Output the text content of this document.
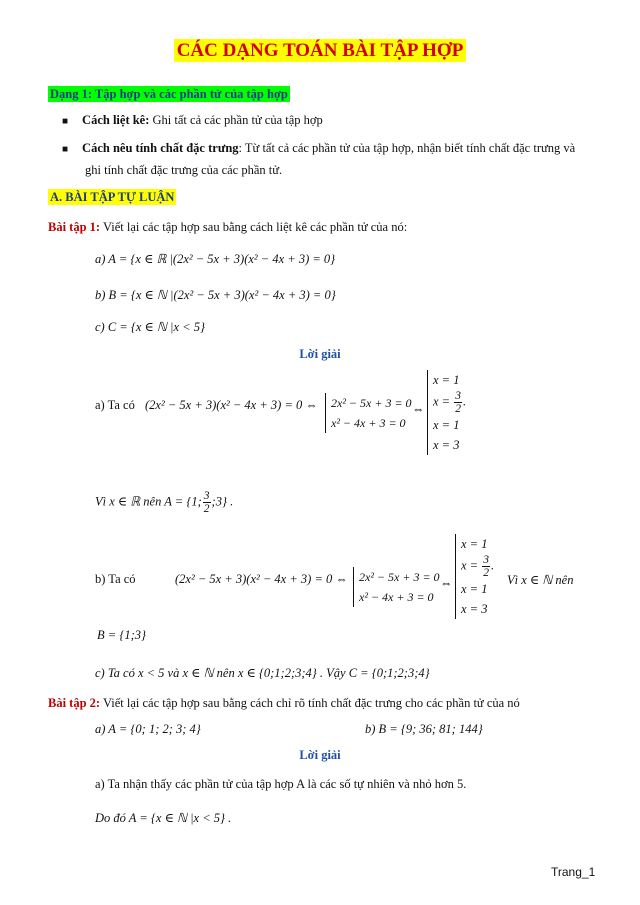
CÁC DẠNG TOÁN BÀI TẬP HỢP
Dạng 1: Tập hợp và các phần tử của tập hợp
■ Cách liệt kê: Ghi tất cả các phần tử của tập hợp
■ Cách nêu tính chất đặc trưng: Từ tất cả các phần tử của tập hợp, nhận biết tính chất đặc trưng và
ghi tính chất đặc trưng của các phần tử.
A. BÀI TẬP TỰ LUẬN
Bài tập 1: Viết lại các tập hợp sau bằng cách liệt kê các phần tử của nó:
a) A = {x ∈ ℝ |(2x² − 5x + 3)(x² − 4x + 3) = 0}
b) B = {x ∈ ℕ |(2x² − 5x + 3)(x² − 4x + 3) = 0}
c) C = {x ∈ ℕ |x < 5}
Lời giải
a) Ta có (2x² − 5x + 3)(x² − 4x + 3) = 0 ⇔ 2x² − 5x + 3 = 0
x² − 4x + 3 = 0
⇔
x = 1
$x = \frac{3}{2}$ .
x = 1
x = 3
Vì x ∈ ℝ nên A = {1; $\frac{3}{2}$ ;3} .
b) Ta có	(2x² − 5x + 3)(x² − 4x + 3) = 0 ⇔ 2x² − 5x + 3 = 0
x² − 4x + 3 = 0
⇔
x = 1
$x = \frac{3}{2}$ .
x = 1
x = 3
Vì x ∈ ℕ nên
B = {1;3}
c) Ta có x < 5 và x ∈ ℕ nên x ∈ {0;1;2;3;4} . Vậy C = {0;1;2;3;4}
Bài tập 2: Viết lại các tập hợp sau bằng cách chỉ rõ tính chất đặc trưng cho các phần tử của nó
a) A = {0; 1; 2; 3; 4}	b) B = {9; 36; 81; 144}
Lời giải
a) Ta nhận thấy các phần tử của tập hợp A là các số tự nhiên và nhỏ hơn 5.
Do đó A = {x ∈ ℕ |x < 5} .
Trang_1
